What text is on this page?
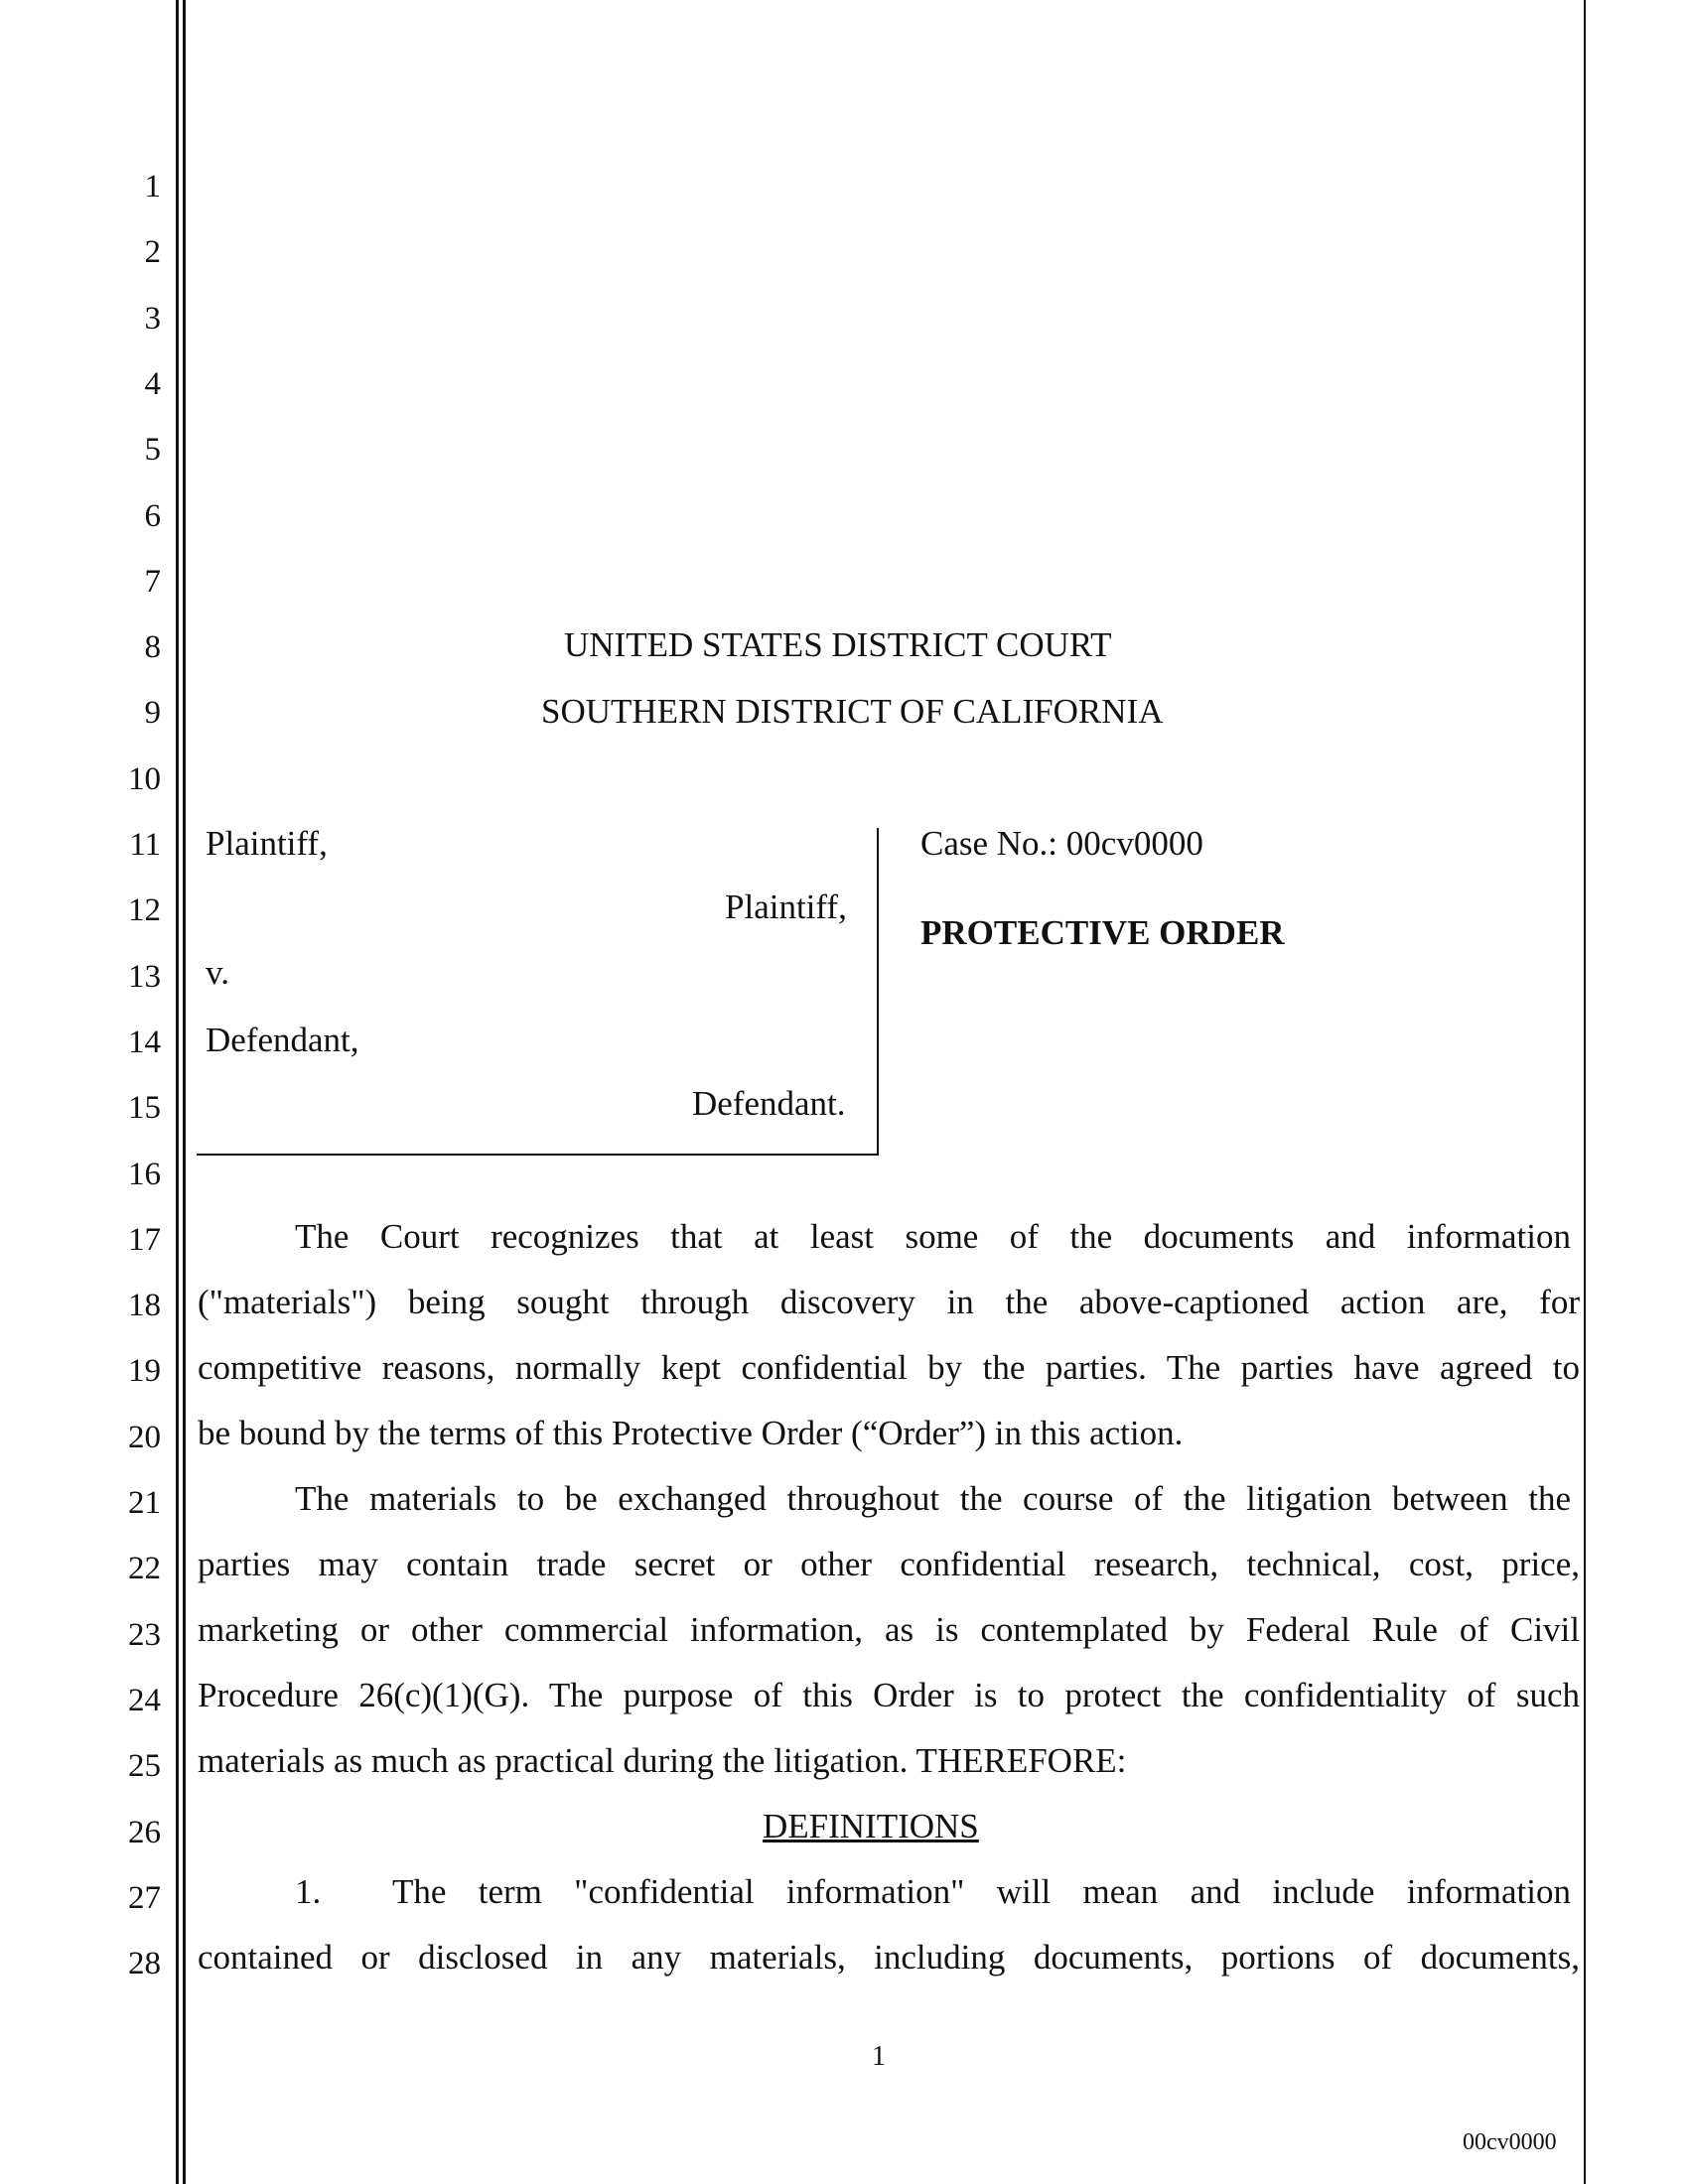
1
2
3
4
5
6
7
8
9
10
11
12
13
14
15
16
17
18
19
20
21
22
23
24
25
26
27
28
UNITED STATES DISTRICT COURT
SOUTHERN DISTRICT OF CALIFORNIA
Plaintiff,
Plaintiff,
v.
Defendant,
Defendant.
Case No.: 00cv0000
PROTECTIVE ORDER
The Court recognizes that at least some of the documents and information
("materials") being sought through discovery in the above-captioned action are, for
competitive reasons, normally kept confidential by the parties. The parties have agreed to
be bound by the terms of this Protective Order (“Order”) in this action.
The materials to be exchanged throughout the course of the litigation between the
parties may contain trade secret or other confidential research, technical, cost, price,
marketing or other commercial information, as is contemplated by Federal Rule of Civil
Procedure 26(c)(1)(G). The purpose of this Order is to protect the confidentiality of such
materials as much as practical during the litigation. THEREFORE:
DEFINITIONS
1. The term "confidential information" will mean and include information
contained or disclosed in any materials, including documents, portions of documents,
1
00cv0000
